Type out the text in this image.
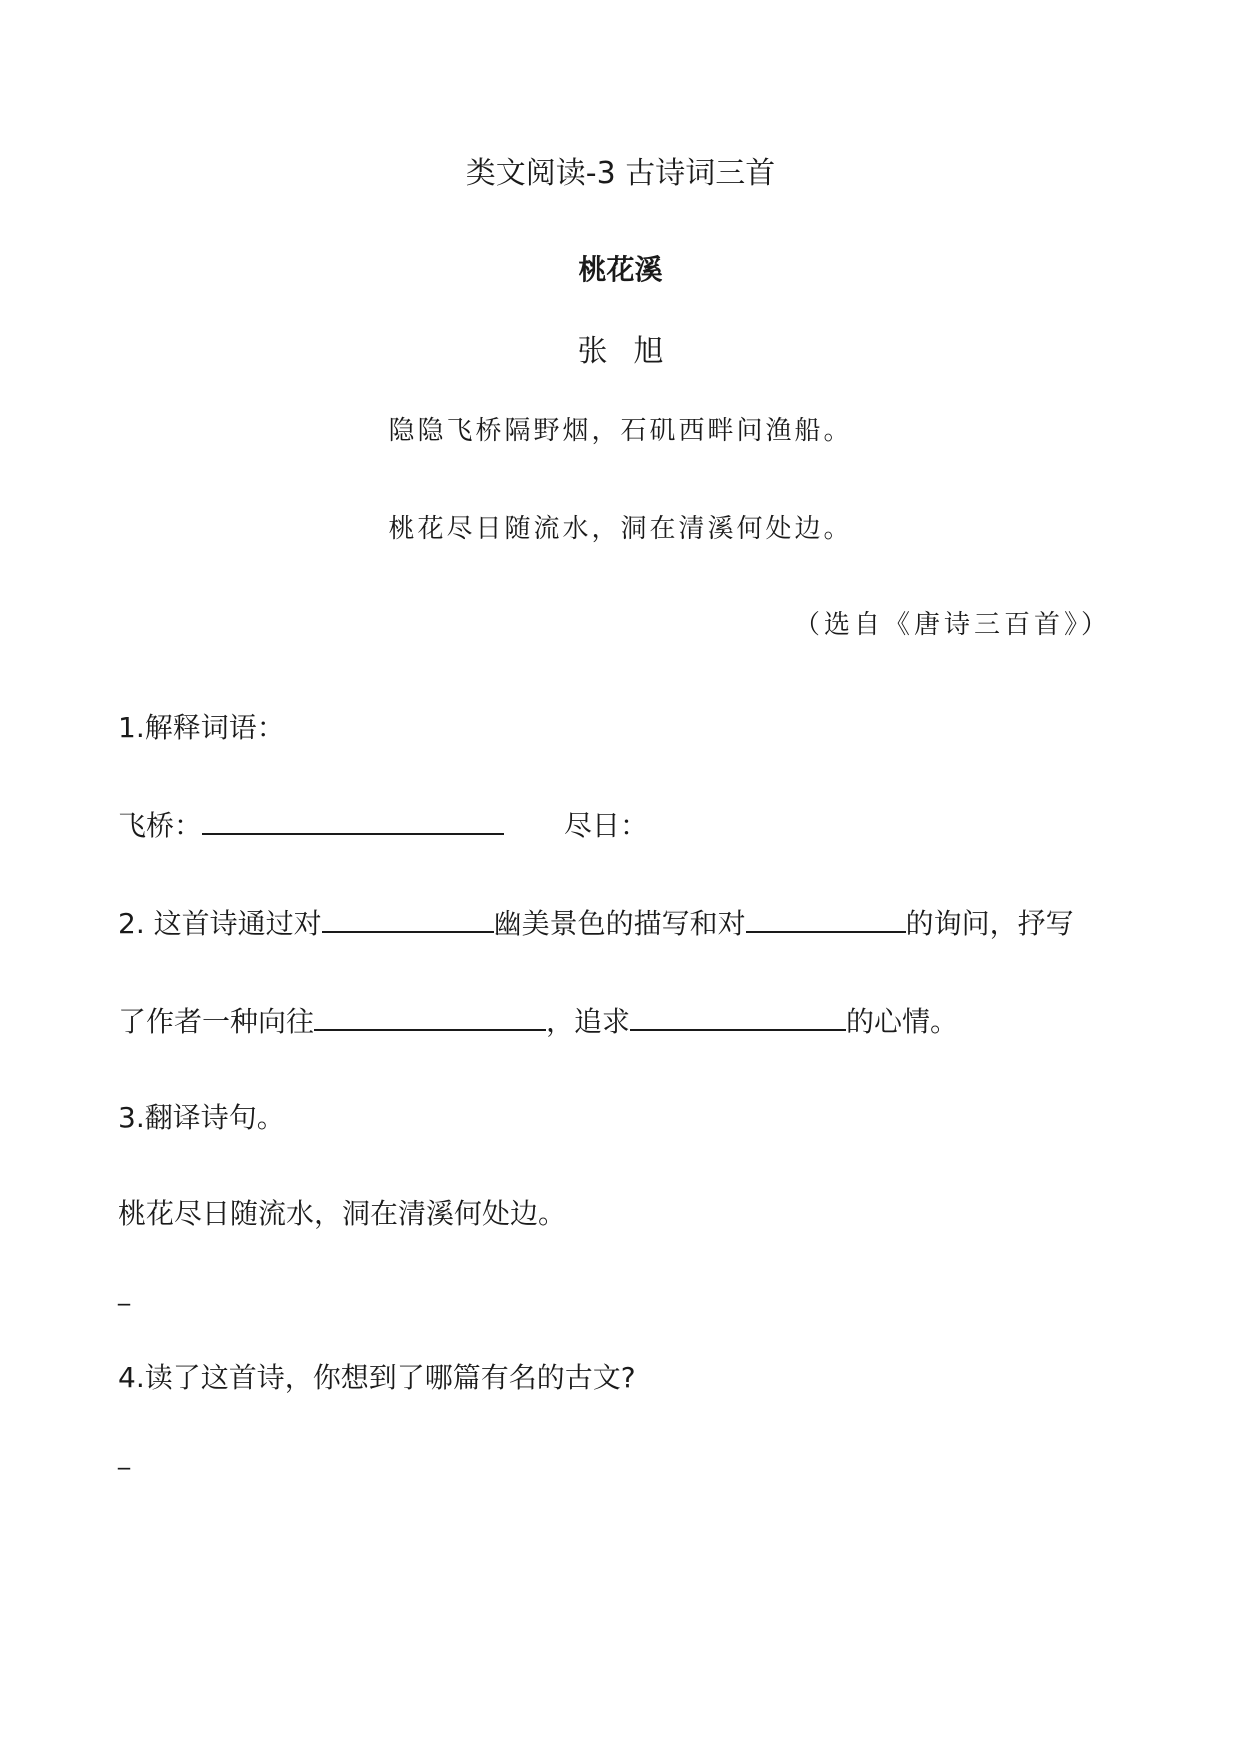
类文阅读-3 古诗词三首
桃花溪
张旭
隐隐飞桥隔野烟，石矶西畔问渔船。
桃花尽日随流水，洞在清溪何处边。
（选自《唐诗三百首》）
1.解释词语：
飞桥：	尽日：
2. 这首诗通过对	幽美景色的描写和对	的询问，抒写
了作者一种向往	，追求	的心情。
3.翻译诗句。
桃花尽日随流水，洞在清溪何处边。
_
4.读了这首诗，你想到了哪篇有名的古文?
_
